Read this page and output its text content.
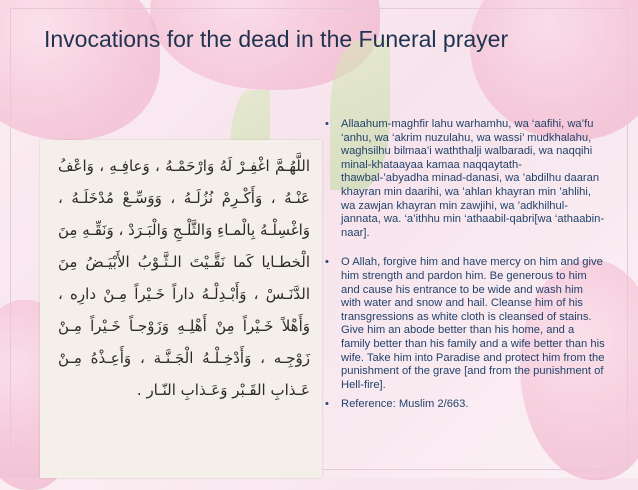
Invocations for the dead in the Funeral prayer
اللَّهُـمَّ اغْفِـرْ لَهُ وَارْحَمْـهُ ، وَعافِـهِ ، وَاعْفُ عَنْـهُ ، وَأَكْـرِمْ نُزُلَـهُ ، وَوَسِّـعْ مُدْخَلَـهُ ، وَاغْسِلْـهُ بِالْمـاءِ وَالثَّلْـجِ وَالْبَـرَدْ ، وَنَقِّـهِ مِنَ الْخطـايا كَما نَقَّـيْتَ الـثَّـوْبُ الأَبْيَـضُ مِنَ الدَّنَـسْ ، وَأَبْـدِلْـهُ داراً خَـيْراً مِـنْ دارِه ، وَأَهْلاً خَـيْراً مِنْ أَهْلِـهِ وَزَوْجـاً خَـيْراً مِـنْ زَوْجِـه ، وَأَدْخِـلْـهُ الْجَـنَّـة ، وَأَعِـذْهُ مِـنْ عَـذابِ القَـبْر وَعَـذابِ النّـار .
• Allaahum-maghfir lahu warhamhu, wa ‘aafihi, wa’fu ‘anhu, wa ‘akrim nuzulahu, wa wassi’ mudkhalahu, waghsilhu bilmaa’i waththalji walbaradi, wa naqqihi minal-khataayaa kamaa naqqaytath-thawbal-’abyadha minad-danasi, wa ’abdilhu daaran khayran min daarihi, wa ’ahlan khayran min ’ahlihi, wa zawjan khayran min zawjihi, wa ’adkhilhul-jannata, wa. ‘a’ithhu min ‘athaabil-qabri[wa ‘athaabin-naar].
• O Allah, forgive him and have mercy on him and give him strength and pardon him. Be generous to him and cause his entrance to be wide and wash him with water and snow and hail. Cleanse him of his transgressions as white cloth is cleansed of stains. Give him an abode better than his home, and a family better than his family and a wife better than his wife. Take him into Paradise and protect him from the punishment of the grave [and from the punishment of Hell-fire].
• Reference: Muslim 2/663.
